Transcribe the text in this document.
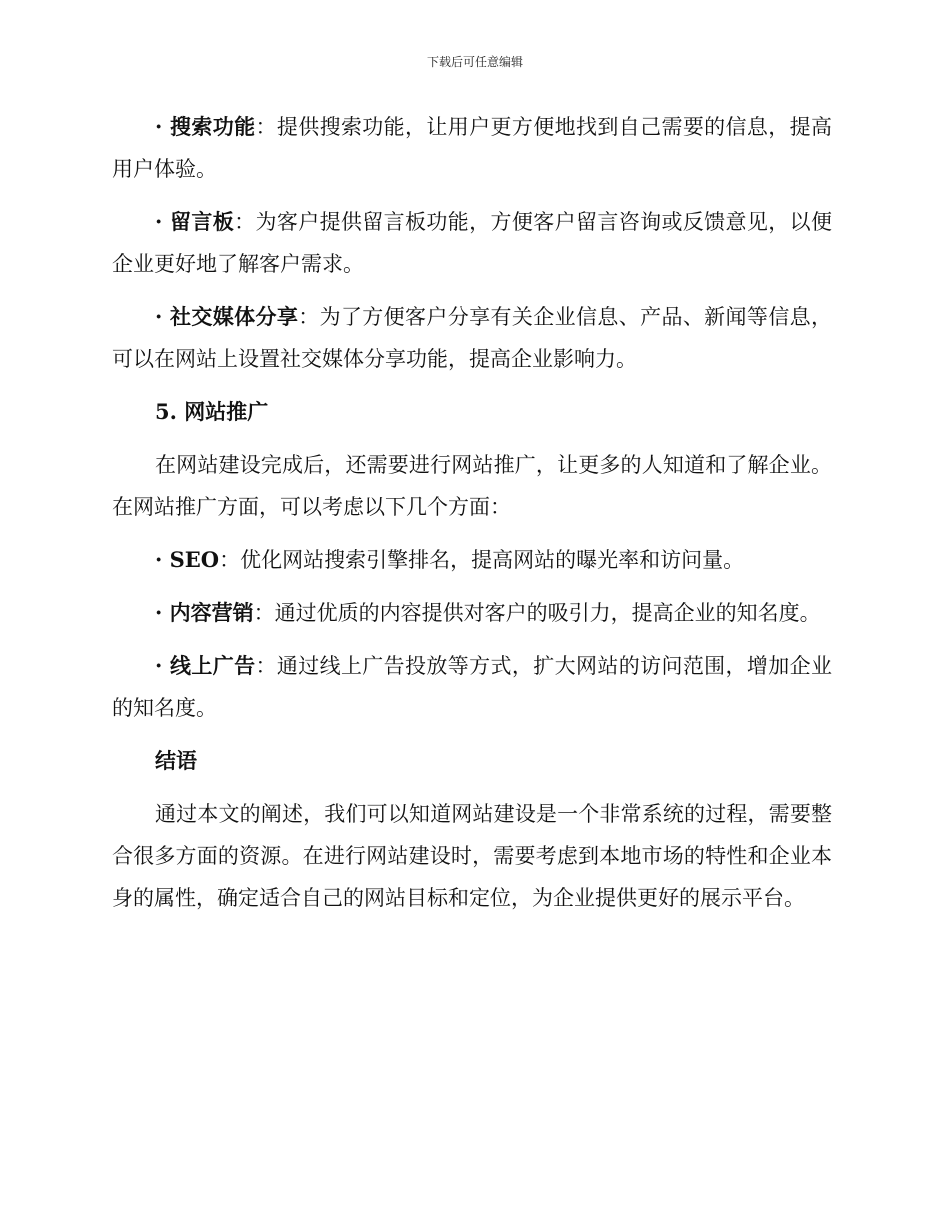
下载后可任意编辑

· 搜索功能：提供搜索功能，让用户更方便地找到自己需要的信息，提高用户体验。

· 留言板：为客户提供留言板功能，方便客户留言咨询或反馈意见，以便企业更好地了解客户需求。

· 社交媒体分享：为了方便客户分享有关企业信息、产品、新闻等信息，可以在网站上设置社交媒体分享功能，提高企业影响力。

5. 网站推广

在网站建设完成后，还需要进行网站推广，让更多的人知道和了解企业。在网站推广方面，可以考虑以下几个方面：

· SEO：优化网站搜索引擎排名，提高网站的曝光率和访问量。

· 内容营销：通过优质的内容提供对客户的吸引力，提高企业的知名度。

· 线上广告：通过线上广告投放等方式，扩大网站的访问范围，增加企业的知名度。

结语

通过本文的阐述，我们可以知道网站建设是一个非常系统的过程，需要整合很多方面的资源。在进行网站建设时，需要考虑到本地市场的特性和企业本身的属性，确定适合自己的网站目标和定位，为企业提供更好的展示平台。
